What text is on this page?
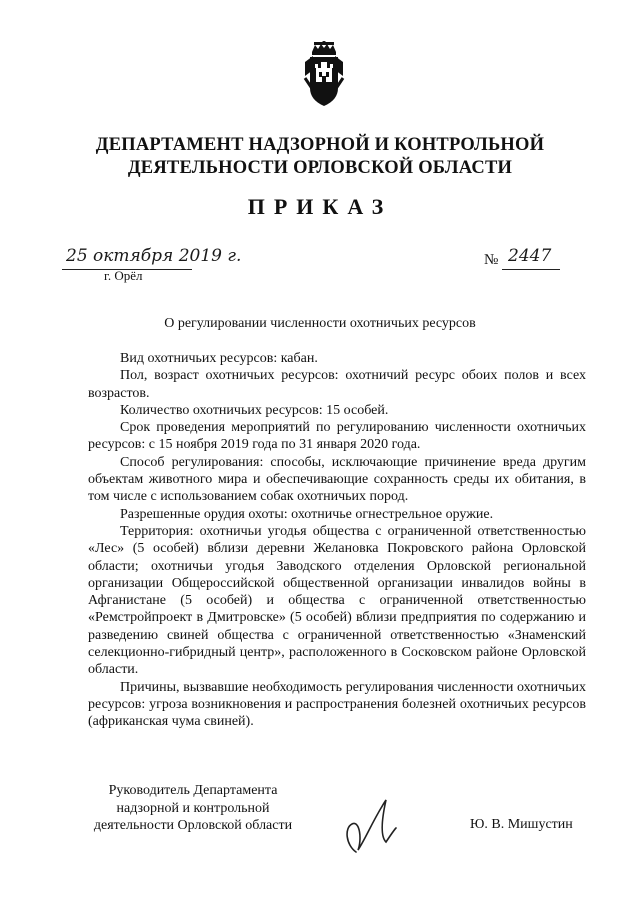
ДЕПАРТАМЕНТ НАДЗОРНОЙ И КОНТРОЛЬНОЙ
ДЕЯТЕЛЬНОСТИ ОРЛОВСКОЙ ОБЛАСТИ
ПРИКАЗ
25 октября 2019 г.
г. Орёл
№ 2447
О регулировании численности охотничьих ресурсов

Вид охотничьих ресурсов: кабан.

Пол, возраст охотничьих ресурсов: охотничий ресурс обоих полов и всех возрастов.

Количество охотничьих ресурсов: 15 особей.

Срок проведения мероприятий по регулированию численности охотничьих ресурсов: с 15 ноября 2019 года по 31 января 2020 года.

Способ регулирования: способы, исключающие причинение вреда другим объектам животного мира и обеспечивающие сохранность среды их обитания, в том числе с использованием собак охотничьих пород.

Разрешенные орудия охоты: охотничье огнестрельное оружие.

Территория: охотничьи угодья общества с ограниченной ответственностью «Лес» (5 особей) вблизи деревни Желановка Покровского района Орловской области; охотничьи угодья Заводского отделения Орловской региональной организации Общероссийской общественной организации инвалидов войны в Афганистане (5 особей) и общества с ограниченной ответственностью «Ремстройпроект в Дмитровске» (5 особей) вблизи предприятия по содержанию и разведению свиней общества с ограниченной ответственностью «Знаменский селекционно-гибридный центр», расположенного в Сосковском районе Орловской области.

Причины, вызвавшие необходимость регулирования численности охотничьих ресурсов: угроза возникновения и распространения болезней охотничьих ресурсов (африканская чума свиней).

Руководитель Департамента
надзорной и контрольной
деятельности Орловской области	Ю. В. Мишустин
